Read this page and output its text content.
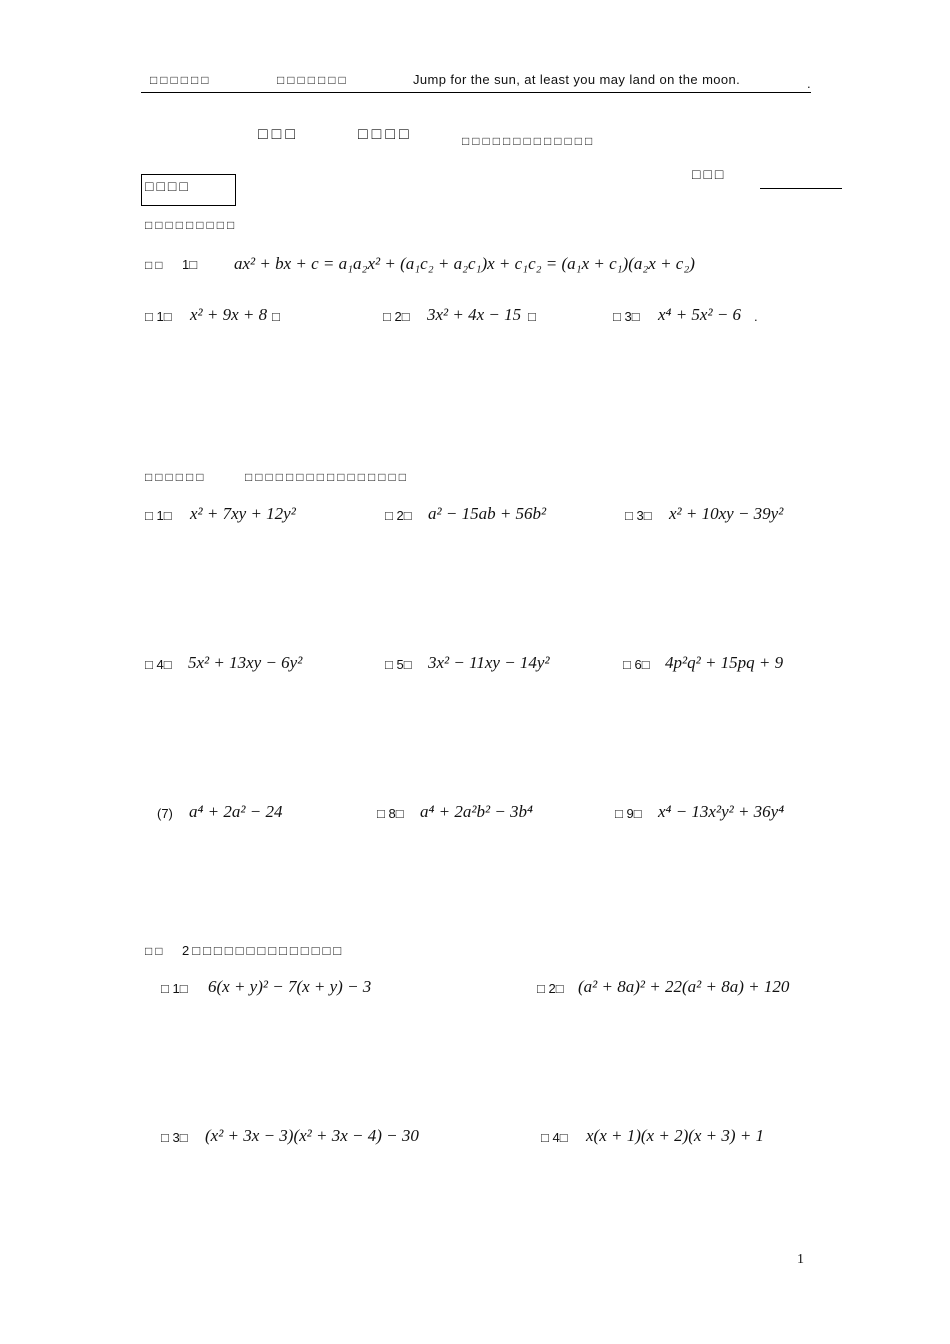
□□□□□□	□□□□□□□	Jump for the sun, at least you may land on the moon.	.
□□□	□□□□	□□□□□□□□□□□□□
□□□□
□□□
□□□□□□□□□
□□ 1□ ax² + bx + c = a₁a₂x² + (a₁c₂ + a₂c₁)x + c₁c₂ = (a₁x + c₁)(a₂x + c₂)
□ 1□ x² + 9x + 8 □	□ 2□ 3x² + 4x − 15 □	□ 3□ x⁴ + 5x² − 6 .
□□□□□□	□□□□□□□□□□□□□□□□
□ 1□ x² + 7xy + 12y²	□ 2□ a² − 15ab + 56b²	□ 3□ x² + 10xy − 39y²
□ 4□ 5x² + 13xy − 6y²	□ 5□ 3x² − 11xy − 14y²	□ 6□ 4p²q² + 15pq + 9
(7) a⁴ + 2a² − 24	□ 8□ a⁴ + 2a²b² − 3b⁴	□ 9□ x⁴ − 13x²y² + 36y⁴
□□ 2□□□□□□□□□□□□□□
□ 1□ 6(x + y)² − 7(x + y) − 3	□ 2□ (a² + 8a)² + 22(a² + 8a) + 120
□ 3□ (x² + 3x − 3)(x² + 3x − 4) − 30	□ 4□ x(x + 1)(x + 2)(x + 3) + 1
1
